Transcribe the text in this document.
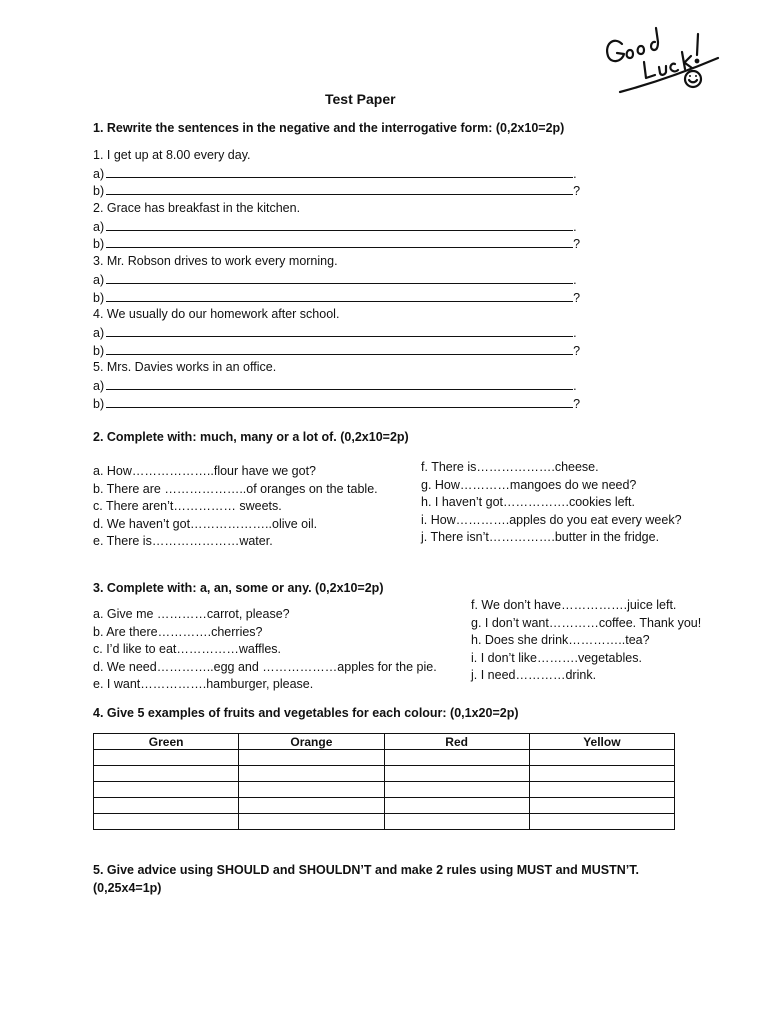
Test Paper
1. Rewrite the sentences in the negative and the interrogative form: (0,2x10=2p)
1. I get up at 8.00 every day.
a)	.
b)	?
2. Grace has breakfast in the kitchen.
a)	.
b)	?
3. Mr. Robson drives to work every morning.
a)	.
b)	?
4. We usually do our homework after school.
a)	.
b)	?
5. Mrs. Davies works in an office.
a)	.
b)	?
2. Complete with: much, many or a lot of. (0,2x10=2p)
a. How………………..flour have we got?
b. There are ………………..of oranges on the table.
c. There aren’t…………… sweets.
d. We haven’t got………………..olive oil.
e. There is…………………water.
f. There is……………….cheese.
g. How…………mangoes do we need?
h. I haven’t got…………….cookies left.
i. How………….apples do you eat every week?
j. There isn’t…………….butter in the fridge.
3. Complete with: a, an, some or any. (0,2x10=2p)
a. Give me …………carrot, please?
b. Are there………….cherries?
c. I’d like to eat……………waffles.
d. We need…………..egg and ………………apples for the pie.
e. I want…………….hamburger, please.
f. We don’t have…………….juice left.
g. I don’t want…………coffee. Thank you!
h. Does she drink…………..tea?
i. I don’t like……….vegetables.
j. I need…………drink.
4. Give 5 examples of fruits and vegetables for each colour: (0,1x20=2p)
Green	Orange	Red	Yellow

5. Give advice using SHOULD and SHOULDN’T and make 2 rules using MUST and MUSTN’T.
(0,25x4=1p)
